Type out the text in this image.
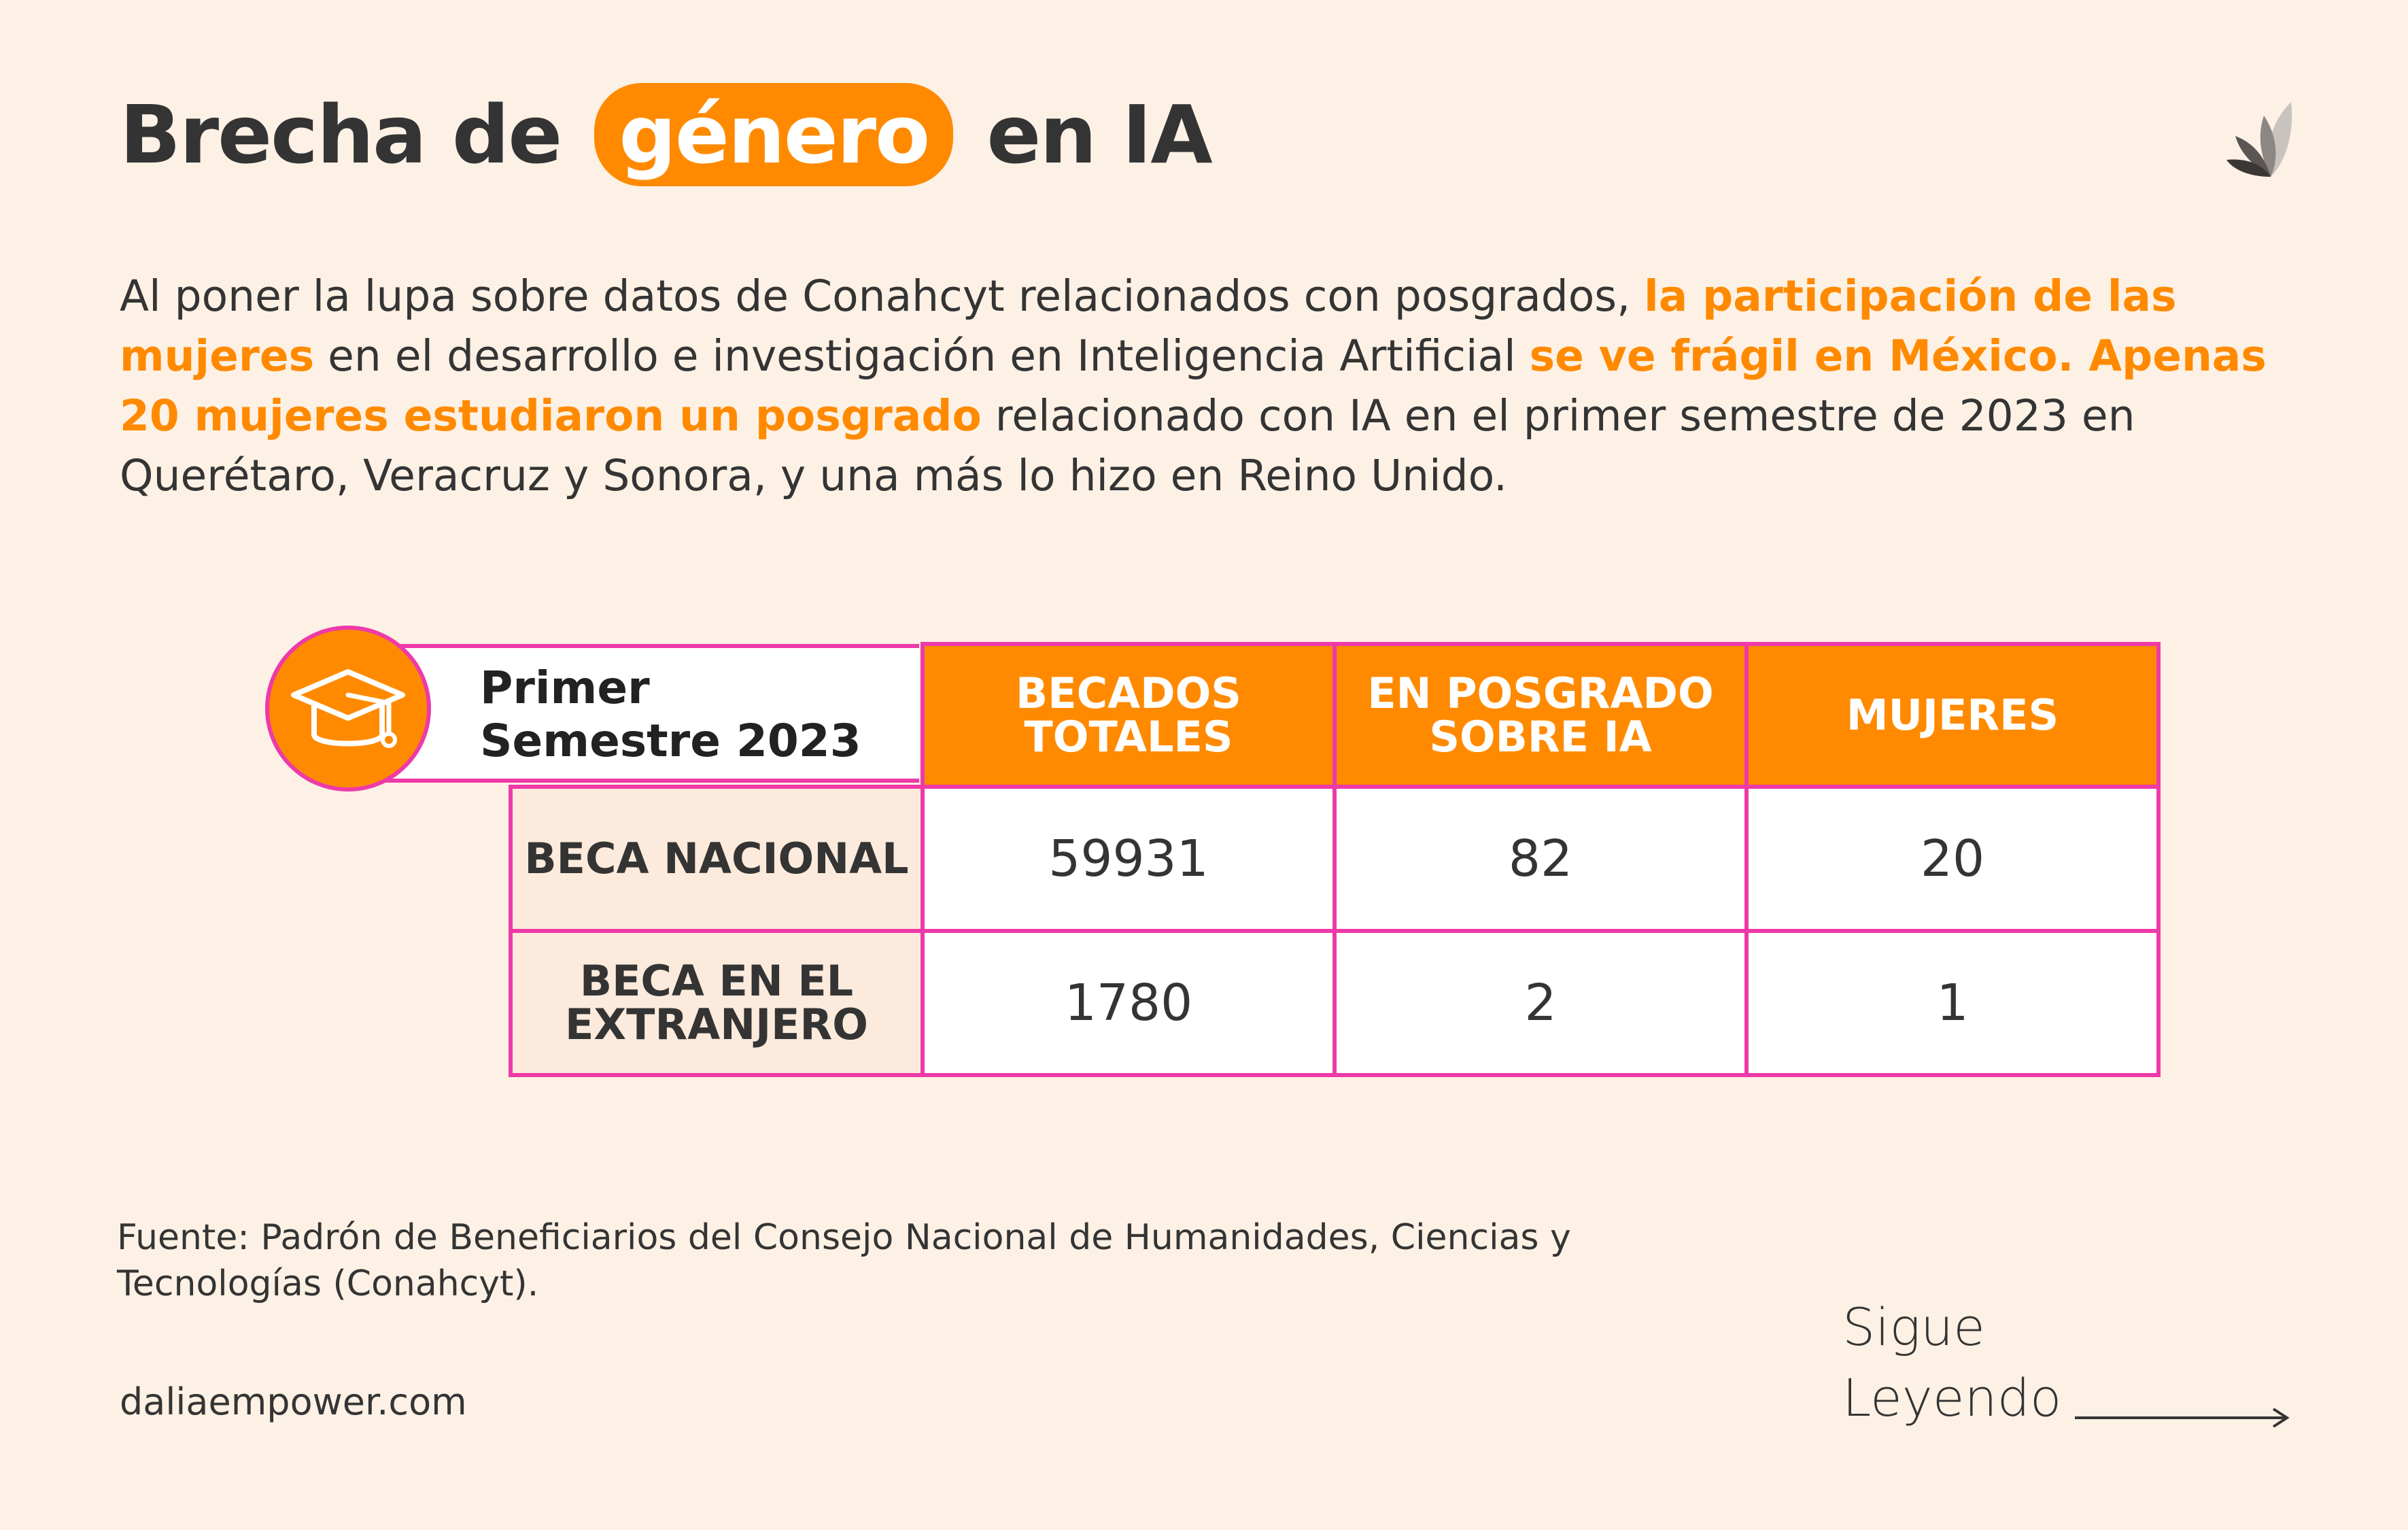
Brecha de género en IA
Al poner la lupa sobre datos de Conahcyt relacionados con posgrados, la participación de las mujeres en el desarrollo e investigación en Inteligencia Artificial se ve frágil en México. Apenas 20 mujeres estudiaron un posgrado relacionado con IA en el primer semestre de 2023 en Querétaro, Veracruz y Sonora, y una más lo hizo en Reino Unido.
Primer Semestre 2023
	BECADOS TOTALES	EN POSGRADO SOBRE IA	MUJERES
BECA NACIONAL	59931	82	20
BECA EN EL EXTRANJERO	1780	2	1
Fuente: Padrón de Beneficiarios del Consejo Nacional de Humanidades, Ciencias y Tecnologías (Conahcyt).
daliaempower.com
Sigue
Leyendo
